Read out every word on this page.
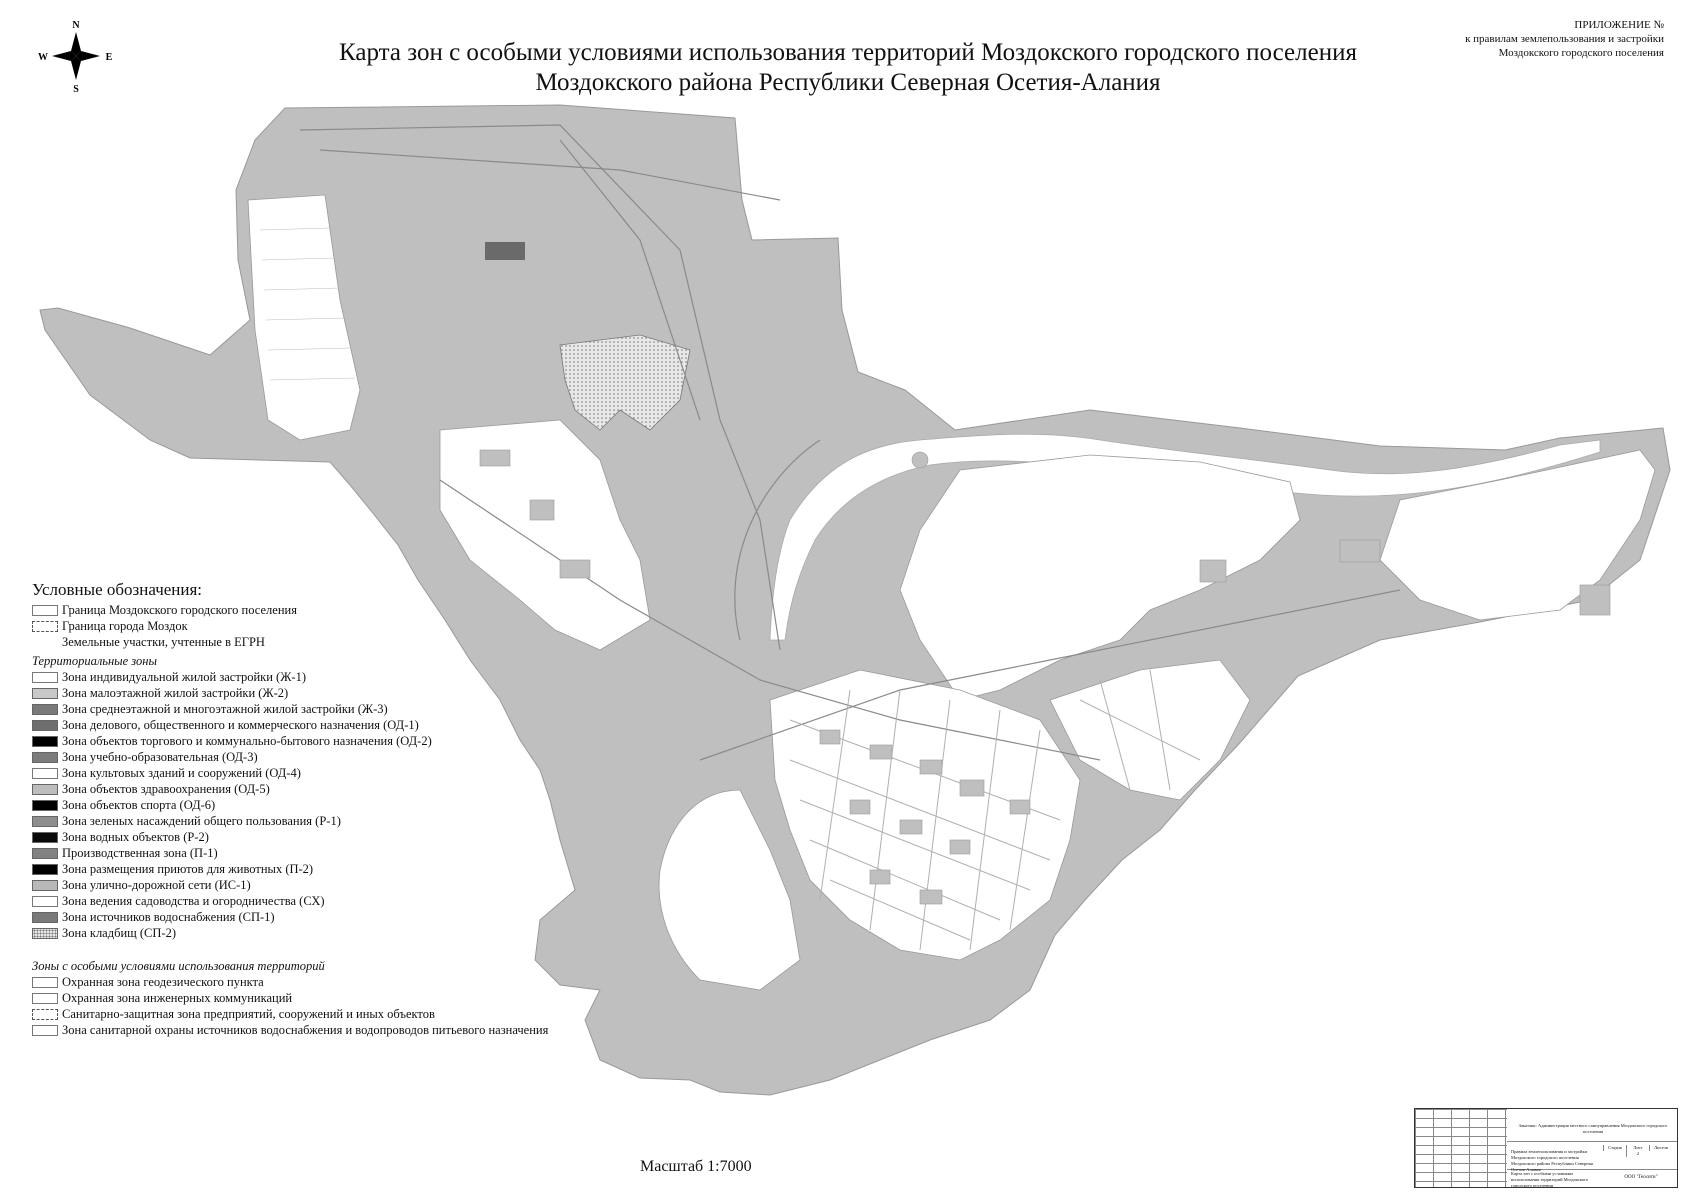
N
S
W	E	Карта зон с особыми условиями использования территорий Моздокского городского поселения
Моздокского района Республики Северная Осетия-Алания
ПРИЛОЖЕНИЕ №
к правилам землепользования и застройки
Моздокского городского поселения
Условные обозначения:
Граница Моздокского городского поселения
Граница города Моздок
Земельные участки, учтенные в ЕГРН
Территориальные зоны
Зона индивидуальной жилой застройки (Ж-1)
Зона малоэтажной жилой застройки (Ж-2)
Зона среднеэтажной и многоэтажной жилой застройки (Ж-3)
Зона делового, общественного и коммерческого назначения (ОД-1)
Зона объектов торгового и коммунально-бытового назначения (ОД-2)
Зона учебно-образовательная (ОД-3)
Зона культовых зданий и сооружений (ОД-4)
Зона объектов здравоохранения (ОД-5)
Зона объектов спорта (ОД-6)
Зона зеленых насаждений общего пользования (Р-1)
Зона водных объектов (Р-2)
Производственная зона (П-1)
Зона размещения приютов для животных (П-2)
Зона улично-дорожной сети (ИС-1)
Зона ведения садоводства и огородничества (СХ)
Зона источников водоснабжения (СП-1)
Зона кладбищ (СП-2)
Зоны с особыми условиями использования территорий
Охранная зона геодезического пункта
Охранная зона инженерных коммуникаций
Санитарно-защитная зона предприятий, сооружений и иных объектов
Зона санитарной охраны источников водоснабжения и водопроводов питьевого назначения
Масштаб 1:7000
Заказчик: Администрация местного самоуправления Моздокского городского поселения
Правила землепользования и застройки Моздокского городского поселения Моздокского района Республики Северная Осетия-Алания
Карта зон с особыми условиями использования территорий Моздокского городского поселения
Стадия	Лист	Листов
2
ООО "Геосити"
